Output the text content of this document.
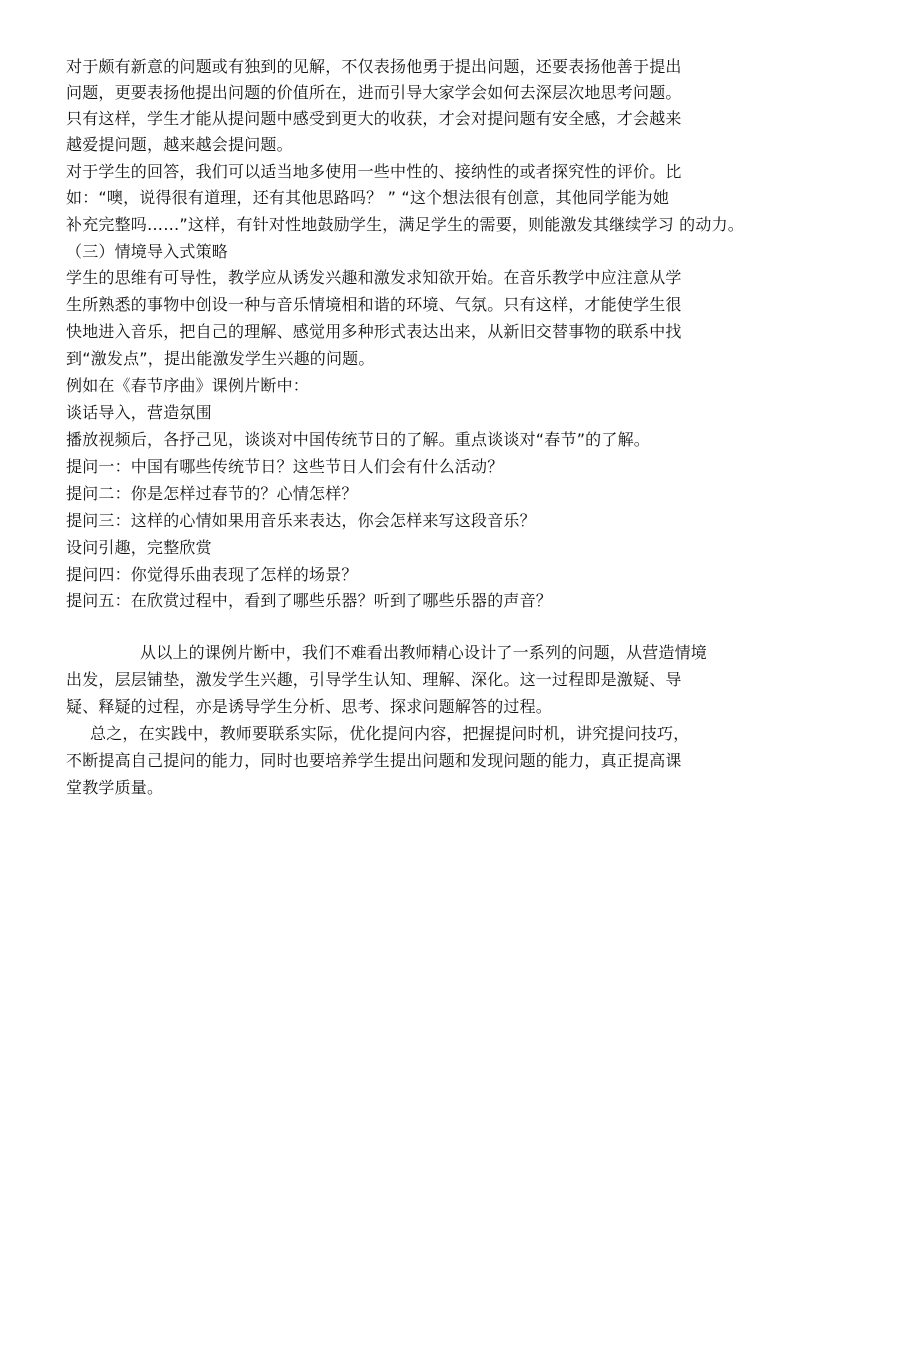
对于颇有新意的问题或有独到的见解，不仅表扬他勇于提出问题，还要表扬他善于提出
问题，更要表扬他提出问题的价值所在，进而引导大家学会如何去深层次地思考问题。
只有这样，学生才能从提问题中感受到更大的收获，才会对提问题有安全感，才会越来
越爱提问题，越来越会提问题。
对于学生的回答，我们可以适当地多使用一些中性的、接纳性的或者探究性的评价。比
如：“噢，说得很有道理，还有其他思路吗？ ” “这个想法很有创意，其他同学能为她
补充完整吗……”这样，有针对性地鼓励学生，满足学生的需要，则能激发其继续学习 的动力。
（三）情境导入式策略
学生的思维有可导性，教学应从诱发兴趣和激发求知欲开始。在音乐教学中应注意从学
生所熟悉的事物中创设一种与音乐情境相和谐的环境、气氛。只有这样，才能使学生很
快地进入音乐，把自己的理解、感觉用多种形式表达出来，从新旧交替事物的联系中找
到“激发点”，提出能激发学生兴趣的问题。
例如在《春节序曲》课例片断中：
谈话导入，营造氛围
播放视频后，各抒己见，谈谈对中国传统节日的了解。重点谈谈对“春节”的了解。
提问一：中国有哪些传统节日？这些节日人们会有什么活动？
提问二：你是怎样过春节的？心情怎样？
提问三：这样的心情如果用音乐来表达，你会怎样来写这段音乐？
设问引趣，完整欣赏
提问四：你觉得乐曲表现了怎样的场景？
提问五：在欣赏过程中，看到了哪些乐器？听到了哪些乐器的声音？
从以上的课例片断中，我们不难看出教师精心设计了一系列的问题，从营造情境
出发，层层铺垫，激发学生兴趣，引导学生认知、理解、深化。这一过程即是激疑、导
疑、释疑的过程，亦是诱导学生分析、思考、探求问题解答的过程。
总之，在实践中，教师要联系实际，优化提问内容，把握提问时机，讲究提问技巧，
不断提高自己提问的能力，同时也要培养学生提出问题和发现问题的能力，真正提高课
堂教学质量。
